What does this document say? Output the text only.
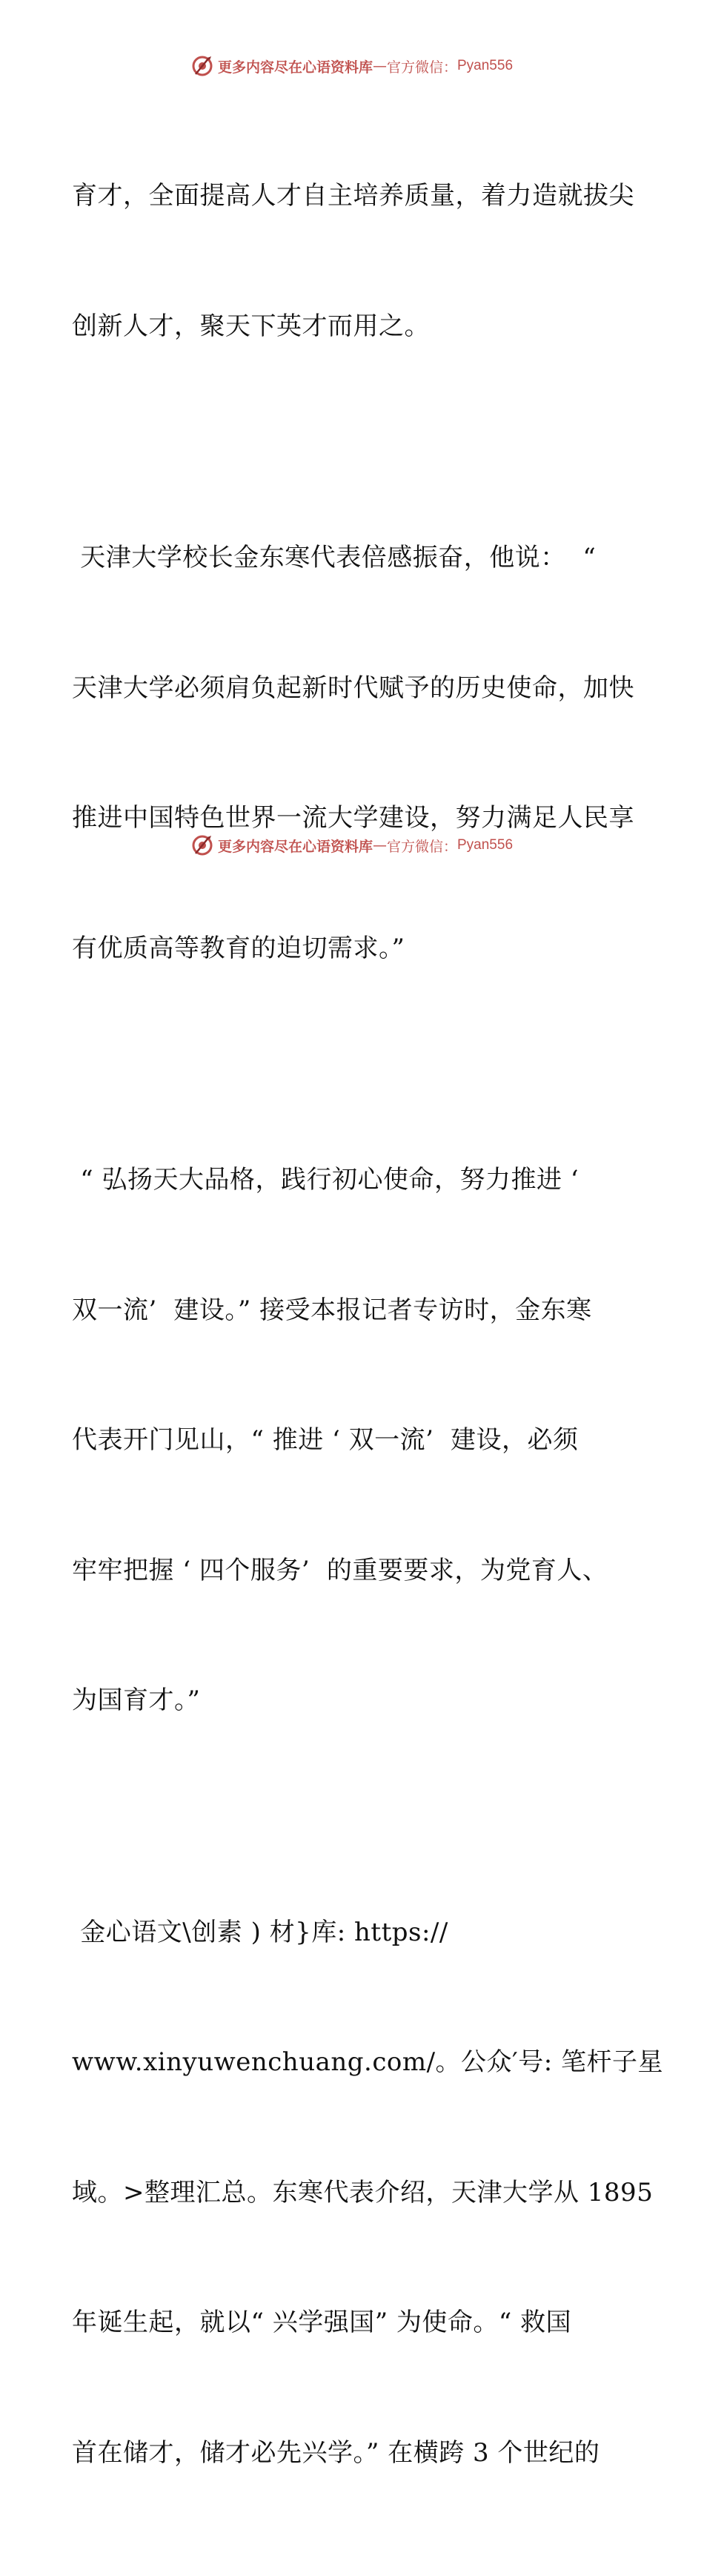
更多内容尽在心语资料库 — 官方微信： Pyan556

育才，全面提高人才自主培养质量，着力造就拔尖

创新人才，聚天下英才而用之。

天津大学校长金东寒代表倍感振奋，他说：  “

天津大学必须肩负起新时代赋予的历史使命，加快

推进中国特色世界一流大学建设，努力满足人民享

有优质高等教育的迫切需求。”

“ 弘扬天大品格，践行初心使命，努力推进 ‘

双一流’  建设。” 接受本报记者专访时，金东寒

代表开门见山，“ 推进 ‘ 双一流’  建设，必须

牢牢把握 ‘ 四个服务’  的重要要求，为党育人、

为国育才。”

金心语文\创素 ) 材}库: https://

www.xinyuwenchuang.com/。公众′号: 笔杆子星

域。>整理汇总。东寒代表介绍，天津大学从 1895

年诞生起，就以“ 兴学强国” 为使命。“ 救国

首在储才，储才必先兴学。” 在横跨 3 个世纪的

更多内容尽在心语资料库 — 官方微信： Pyan556
